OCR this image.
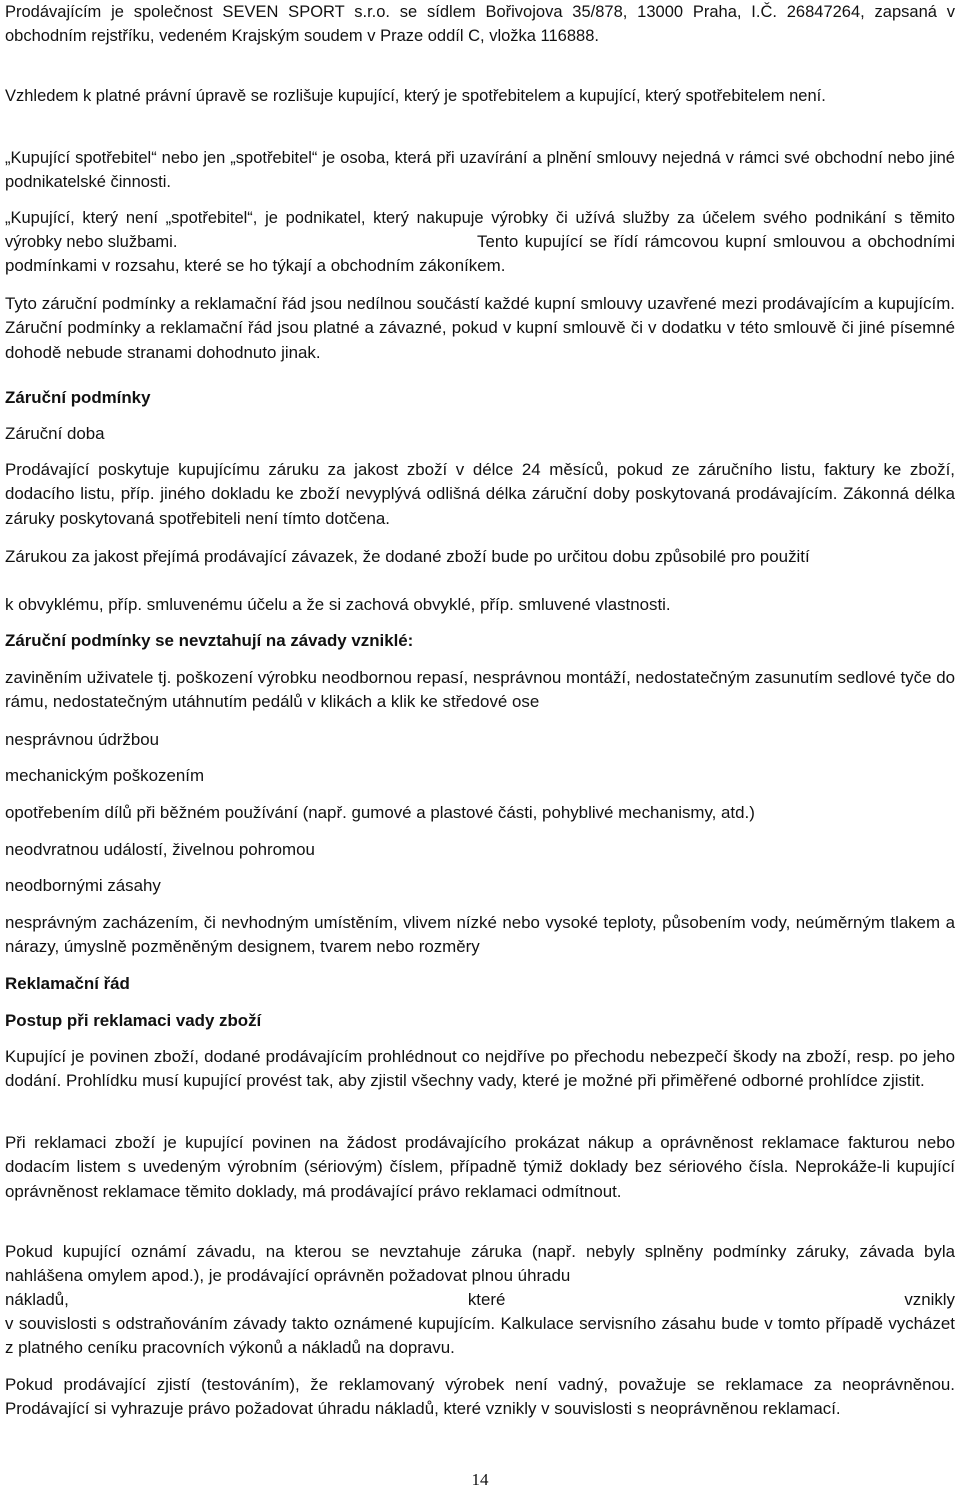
Prodávajícím je společnost SEVEN SPORT s.r.o. se sídlem Bořivojova 35/878, 13000 Praha, I.Č. 26847264, zapsaná v obchodním rejstříku, vedeném Krajským soudem v Praze oddíl C, vložka 116888.

Vzhledem k platné právní úpravě se rozlišuje kupující, který je spotřebitelem a kupující, který spotřebitelem není.

„Kupující spotřebitel“ nebo jen „spotřebitel“ je osoba, která při uzavírání a plnění smlouvy nejedná v rámci své obchodní nebo jiné podnikatelské činnosti.

„Kupující, který není „spotřebitel“, je podnikatel, který nakupuje výrobky či užívá služby za účelem svého podnikání s těmito výrobky nebo službami.	Tento kupující se řídí rámcovou kupní smlouvou a obchodními podmínkami v rozsahu, které se ho týkají a obchodním zákoníkem.

Tyto záruční podmínky a reklamační řád jsou nedílnou součástí každé kupní smlouvy uzavřené mezi prodávajícím a kupujícím. Záruční podmínky a reklamační řád jsou platné a závazné, pokud v kupní smlouvě či v dodatku v této smlouvě či jiné písemné dohodě nebude stranami dohodnuto jinak.

Záruční podmínky

Záruční doba

Prodávající poskytuje kupujícímu záruku za jakost zboží v délce 24 měsíců, pokud ze záručního listu, faktury ke zboží, dodacího listu, příp. jiného dokladu ke zboží nevyplývá odlišná délka záruční doby poskytovaná prodávajícím. Zákonná délka záruky poskytovaná spotřebiteli není tímto dotčena.

Zárukou za jakost přejímá prodávající závazek, že dodané zboží bude po určitou dobu způsobilé pro použití

k obvyklému, příp. smluvenému účelu a že si zachová obvyklé, příp. smluvené vlastnosti.

Záruční podmínky se nevztahují na závady vzniklé:

zaviněním uživatele tj. poškození výrobku neodbornou repasí, nesprávnou montáží, nedostatečným zasunutím sedlové tyče do rámu, nedostatečným utáhnutím pedálů v klikách a klik ke středové ose

nesprávnou údržbou

mechanickým poškozením

opotřebením dílů při běžném používání (např. gumové a plastové části, pohyblivé mechanismy, atd.)

neodvratnou událostí, živelnou pohromou

neodbornými zásahy

nesprávným zacházením, či nevhodným umístěním, vlivem nízké nebo vysoké teploty, působením vody, neúměrným tlakem a nárazy, úmyslně pozměněným designem, tvarem nebo rozměry

Reklamační řád

Postup při reklamaci vady zboží

Kupující je povinen zboží, dodané prodávajícím prohlédnout co nejdříve po přechodu nebezpečí škody na zboží, resp. po jeho dodání. Prohlídku musí kupující provést tak, aby zjistil všechny vady, které je možné při přiměřené odborné prohlídce zjistit.

Při reklamaci zboží je kupující povinen na žádost prodávajícího prokázat nákup a oprávněnost reklamace fakturou nebo dodacím listem s uvedeným výrobním (sériovým) číslem, případně týmiž doklady bez sériového čísla. Neprokáže-li kupující oprávněnost reklamace těmito doklady, má prodávající právo reklamaci odmítnout.

Pokud kupující oznámí závadu, na kterou se nevztahuje záruka (např. nebyly splněny podmínky záruky, závada byla nahlášena omylem apod.), je prodávající oprávněn požadovat plnou úhradu

nákladů,	které	vznikly

v souvislosti s odstraňováním závady takto oznámené kupujícím. Kalkulace servisního zásahu bude v tomto případě vycházet z platného ceníku pracovních výkonů a nákladů na dopravu.

Pokud prodávající zjistí (testováním), že reklamovaný výrobek není vadný, považuje se reklamace za neoprávněnou. Prodávající si vyhrazuje právo požadovat úhradu nákladů, které vznikly v souvislosti s neoprávněnou reklamací.

14
